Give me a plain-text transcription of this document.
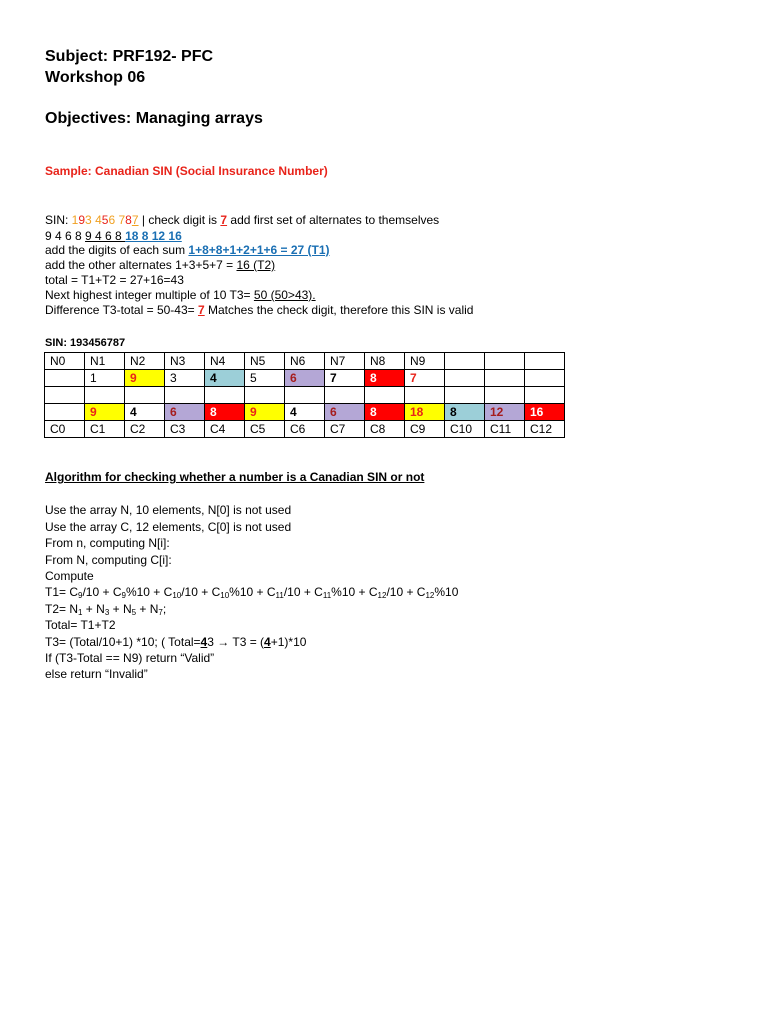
Subject: PRF192- PFC
Workshop 06
Objectives: Managing arrays
Sample: Canadian SIN (Social Insurance Number)
SIN: 193 456 787 | check digit is 7 add first set of alternates to themselves
9 4 6 8 9 4 6 8 18 8 12 16
add the digits of each sum 1+8+8+1+2+1+6 = 27 (T1)
add the other alternates 1+3+5+7 = 16 (T2)
total = T1+T2 = 27+16=43
Next highest integer multiple of 10 T3= 50 (50>43).
Difference T3-total = 50-43= 7 Matches the check digit, therefore this SIN is valid
SIN: 193456787
N0	N1	N2	N3	N4	N5	N6	N7	N8	N9			
	1	9	3	4	5	6	7	8	7			

	9	4	6	8	9	4	6	8	18	8	12	16
C0	C1	C2	C3	C4	C5	C6	C7	C8	C9	C10	C11	C12
Algorithm for checking whether a number is a Canadian SIN or not
Use the array N, 10 elements, N[0] is not used
Use the array C, 12 elements, C[0] is not used
From n, computing N[i]:
From N, computing C[i]:
Compute
$T1= C_9/10 + C_9\%10 + C_{10}/10 + C_{10}\%10 + C_{11}/10 + C_{11}\%10 + C_{12}/10 + C_{12}\%10$
$T2= N_1 + N_3 + N_5 + N_7$;
Total= T1+T2
T3= (Total/10+1) *10; ( Total=43 → T3 = (4+1)*10
If (T3-Total == N9) return “Valid”
else return “Invalid”
